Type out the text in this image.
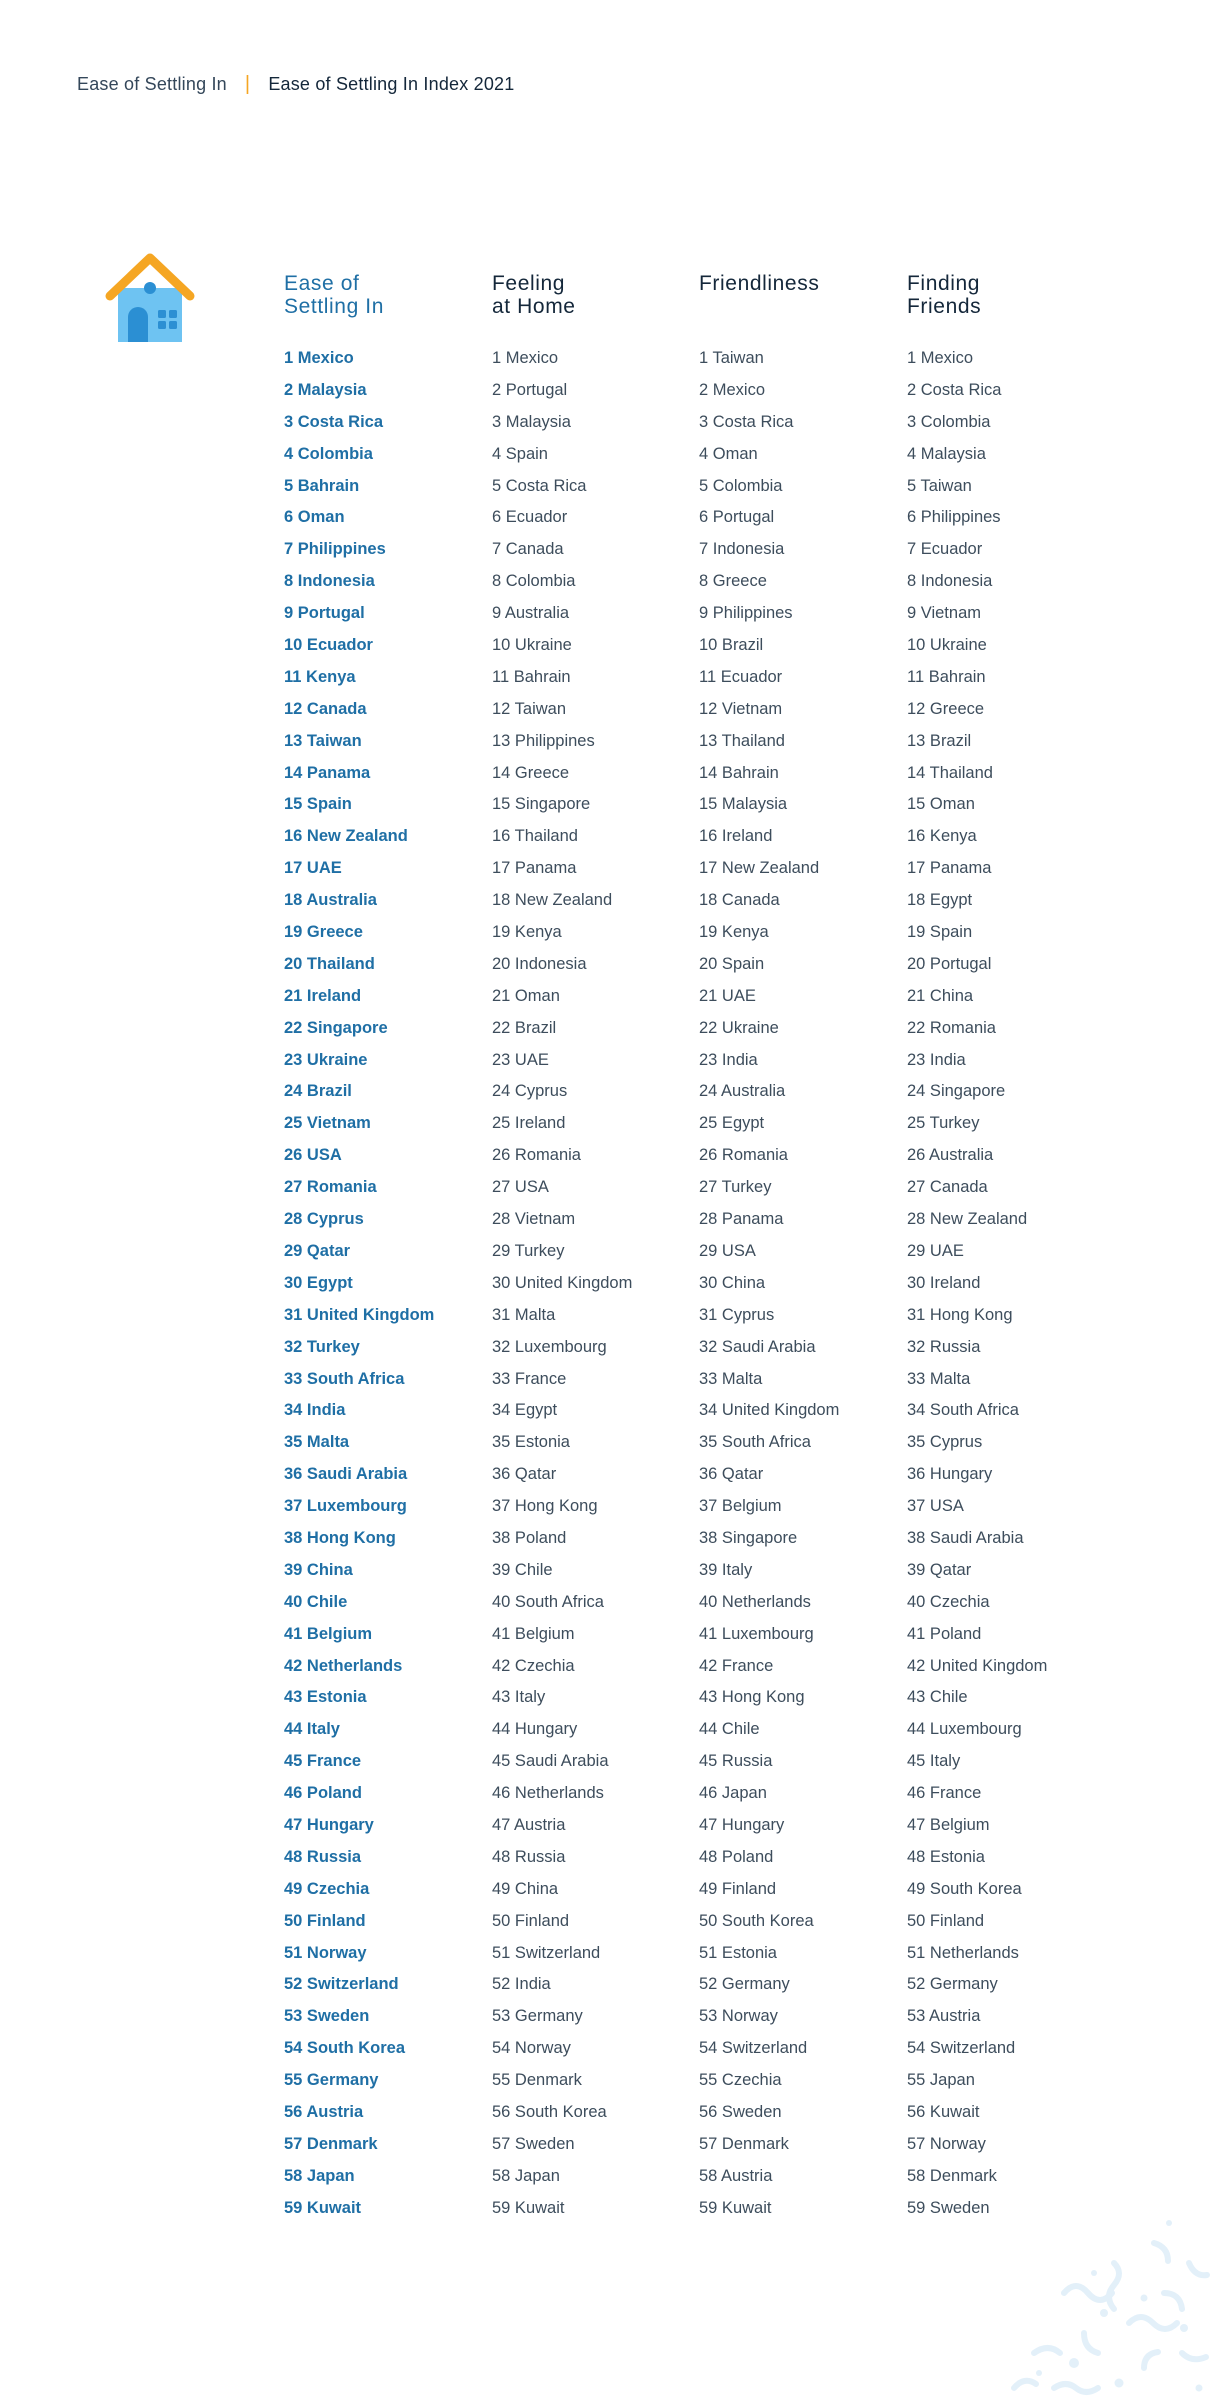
Ease of Settling In | Ease of Settling In Index 2021
Ease of
Settling In
1 Mexico
2 Malaysia
3 Costa Rica
4 Colombia
5 Bahrain
6 Oman
7 Philippines
8 Indonesia
9 Portugal
10 Ecuador
11 Kenya
12 Canada
13 Taiwan
14 Panama
15 Spain
16 New Zealand
17 UAE
18 Australia
19 Greece
20 Thailand
21 Ireland
22 Singapore
23 Ukraine
24 Brazil
25 Vietnam
26 USA
27 Romania
28 Cyprus
29 Qatar
30 Egypt
31 United Kingdom
32 Turkey
33 South Africa
34 India
35 Malta
36 Saudi Arabia
37 Luxembourg
38 Hong Kong
39 China
40 Chile
41 Belgium
42 Netherlands
43 Estonia
44 Italy
45 France
46 Poland
47 Hungary
48 Russia
49 Czechia
50 Finland
51 Norway
52 Switzerland
53 Sweden
54 South Korea
55 Germany
56 Austria
57 Denmark
58 Japan
59 Kuwait
Feeling
at Home
1 Mexico
2 Portugal
3 Malaysia
4 Spain
5 Costa Rica
6 Ecuador
7 Canada
8 Colombia
9 Australia
10 Ukraine
11 Bahrain
12 Taiwan
13 Philippines
14 Greece
15 Singapore
16 Thailand
17 Panama
18 New Zealand
19 Kenya
20 Indonesia
21 Oman
22 Brazil
23 UAE
24 Cyprus
25 Ireland
26 Romania
27 USA
28 Vietnam
29 Turkey
30 United Kingdom
31 Malta
32 Luxembourg
33 France
34 Egypt
35 Estonia
36 Qatar
37 Hong Kong
38 Poland
39 Chile
40 South Africa
41 Belgium
42 Czechia
43 Italy
44 Hungary
45 Saudi Arabia
46 Netherlands
47 Austria
48 Russia
49 China
50 Finland
51 Switzerland
52 India
53 Germany
54 Norway
55 Denmark
56 South Korea
57 Sweden
58 Japan
59 Kuwait
Friendliness
1 Taiwan
2 Mexico
3 Costa Rica
4 Oman
5 Colombia
6 Portugal
7 Indonesia
8 Greece
9 Philippines
10 Brazil
11 Ecuador
12 Vietnam
13 Thailand
14 Bahrain
15 Malaysia
16 Ireland
17 New Zealand
18 Canada
19 Kenya
20 Spain
21 UAE
22 Ukraine
23 India
24 Australia
25 Egypt
26 Romania
27 Turkey
28 Panama
29 USA
30 China
31 Cyprus
32 Saudi Arabia
33 Malta
34 United Kingdom
35 South Africa
36 Qatar
37 Belgium
38 Singapore
39 Italy
40 Netherlands
41 Luxembourg
42 France
43 Hong Kong
44 Chile
45 Russia
46 Japan
47 Hungary
48 Poland
49 Finland
50 South Korea
51 Estonia
52 Germany
53 Norway
54 Switzerland
55 Czechia
56 Sweden
57 Denmark
58 Austria
59 Kuwait
Finding
Friends
1 Mexico
2 Costa Rica
3 Colombia
4 Malaysia
5 Taiwan
6 Philippines
7 Ecuador
8 Indonesia
9 Vietnam
10 Ukraine
11 Bahrain
12 Greece
13 Brazil
14 Thailand
15 Oman
16 Kenya
17 Panama
18 Egypt
19 Spain
20 Portugal
21 China
22 Romania
23 India
24 Singapore
25 Turkey
26 Australia
27 Canada
28 New Zealand
29 UAE
30 Ireland
31 Hong Kong
32 Russia
33 Malta
34 South Africa
35 Cyprus
36 Hungary
37 USA
38 Saudi Arabia
39 Qatar
40 Czechia
41 Poland
42 United Kingdom
43 Chile
44 Luxembourg
45 Italy
46 France
47 Belgium
48 Estonia
49 South Korea
50 Finland
51 Netherlands
52 Germany
53 Austria
54 Switzerland
55 Japan
56 Kuwait
57 Norway
58 Denmark
59 Sweden
